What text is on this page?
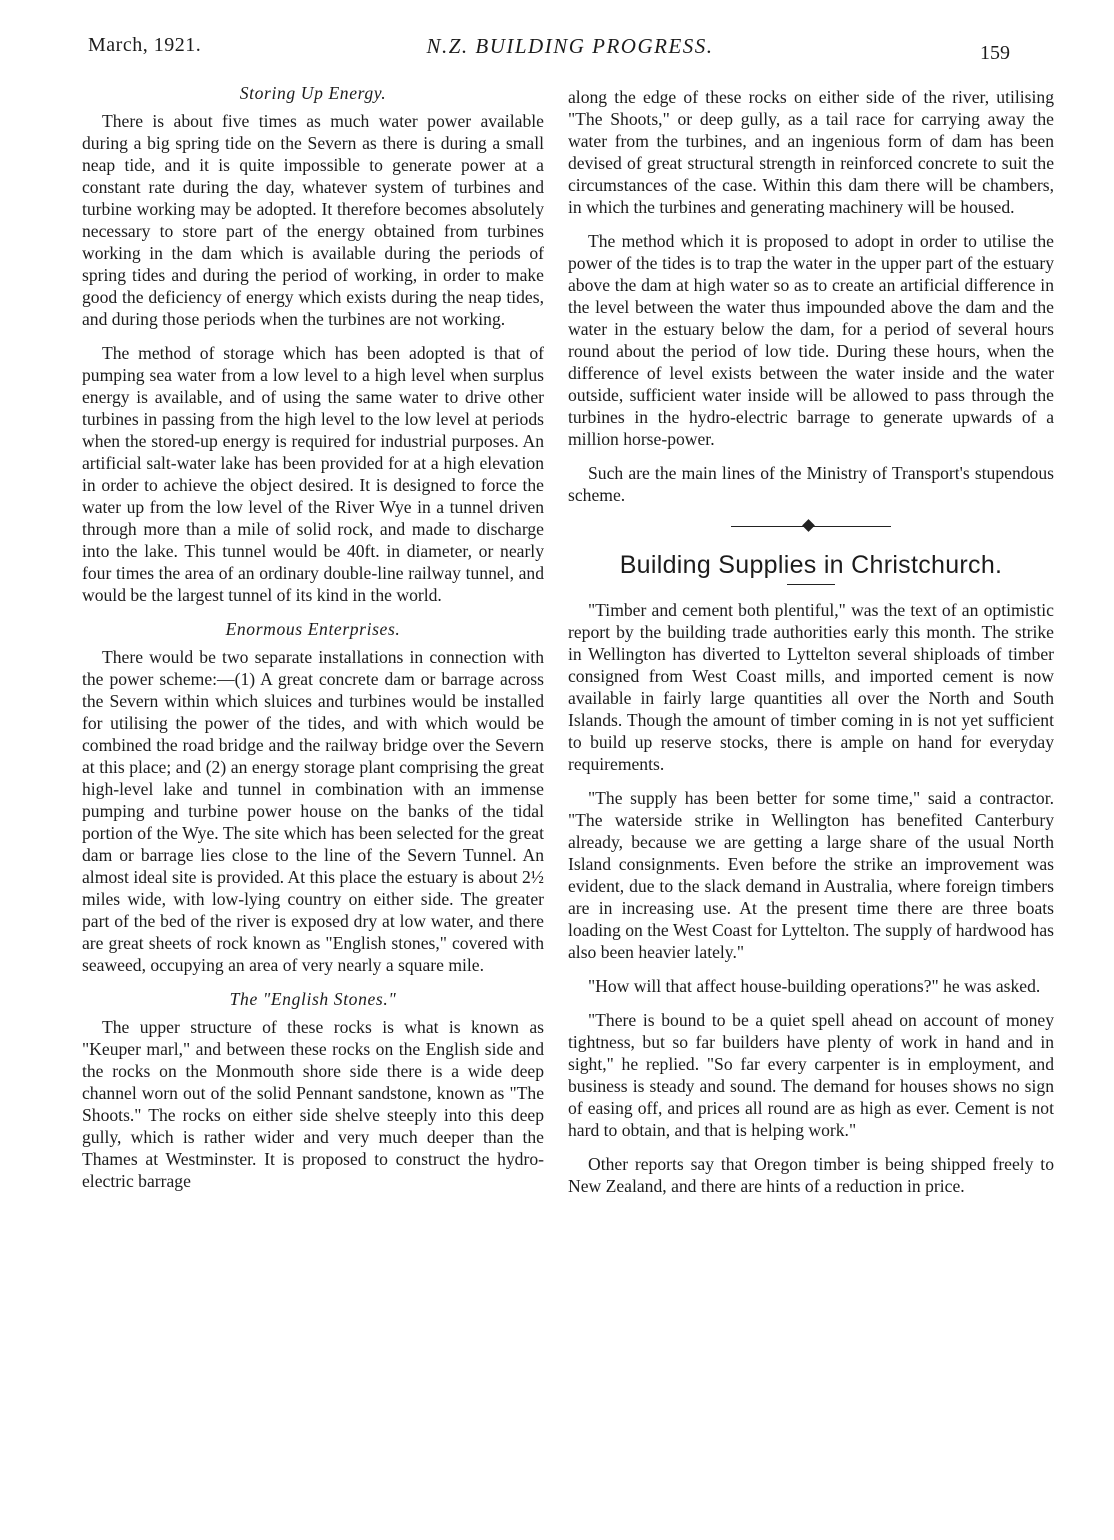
March, 1921.	N.Z. BUILDING PROGRESS.	159
Storing Up Energy.

There is about five times as much water power available during a big spring tide on the Severn as there is during a small neap tide, and it is quite impossible to generate power at a constant rate during the day, whatever system of turbines and turbine working may be adopted. It therefore becomes absolutely necessary to store part of the energy obtained from turbines working in the dam which is available during the periods of spring tides and during the period of working, in order to make good the deficiency of energy which exists during the neap tides, and during those periods when the turbines are not working.

The method of storage which has been adopted is that of pumping sea water from a low level to a high level when surplus energy is available, and of using the same water to drive other turbines in passing from the high level to the low level at periods when the stored-up energy is required for industrial purposes. An artificial salt-water lake has been provided for at a high elevation in order to achieve the object desired. It is designed to force the water up from the low level of the River Wye in a tunnel driven through more than a mile of solid rock, and made to discharge into the lake. This tunnel would be 40ft. in diameter, or nearly four times the area of an ordinary double-line railway tunnel, and would be the largest tunnel of its kind in the world.

Enormous Enterprises.

There would be two separate installations in connection with the power scheme:—(1) A great concrete dam or barrage across the Severn within which sluices and turbines would be installed for utilising the power of the tides, and with which would be combined the road bridge and the railway bridge over the Severn at this place; and (2) an energy storage plant comprising the great high-level lake and tunnel in combination with an immense pumping and turbine power house on the banks of the tidal portion of the Wye. The site which has been selected for the great dam or barrage lies close to the line of the Severn Tunnel. An almost ideal site is provided. At this place the estuary is about 2½ miles wide, with low-lying country on either side. The greater part of the bed of the river is exposed dry at low water, and there are great sheets of rock known as "English stones," covered with seaweed, occupying an area of very nearly a square mile.

The "English Stones."

The upper structure of these rocks is what is known as "Keuper marl," and between these rocks on the English side and the rocks on the Monmouth shore side there is a wide deep channel worn out of the solid Pennant sandstone, known as "The Shoots." The rocks on either side shelve steeply into this deep gully, which is rather wider and very much deeper than the Thames at Westminster. It is proposed to construct the hydro-electric barrage

along the edge of these rocks on either side of the river, utilising "The Shoots," or deep gully, as a tail race for carrying away the water from the turbines, and an ingenious form of dam has been devised of great structural strength in reinforced concrete to suit the circumstances of the case. Within this dam there will be chambers, in which the turbines and generating machinery will be housed.

The method which it is proposed to adopt in order to utilise the power of the tides is to trap the water in the upper part of the estuary above the dam at high water so as to create an artificial difference in the level between the water thus impounded above the dam and the water in the estuary below the dam, for a period of several hours round about the period of low tide. During these hours, when the difference of level exists between the water inside and the water outside, sufficient water inside will be allowed to pass through the turbines in the hydro-electric barrage to generate upwards of a million horse-power.

Such are the main lines of the Ministry of Transport's stupendous scheme.

Building Supplies in Christchurch.

"Timber and cement both plentiful," was the text of an optimistic report by the building trade authorities early this month. The strike in Wellington has diverted to Lyttelton several shiploads of timber consigned from West Coast mills, and imported cement is now available in fairly large quantities all over the North and South Islands. Though the amount of timber coming in is not yet sufficient to build up reserve stocks, there is ample on hand for everyday requirements.

"The supply has been better for some time," said a contractor. "The waterside strike in Wellington has benefited Canterbury already, because we are getting a large share of the usual North Island consignments. Even before the strike an improvement was evident, due to the slack demand in Australia, where foreign timbers are in increasing use. At the present time there are three boats loading on the West Coast for Lyttelton. The supply of hardwood has also been heavier lately."

"How will that affect house-building operations?" he was asked.

"There is bound to be a quiet spell ahead on account of money tightness, but so far builders have plenty of work in hand and in sight," he replied. "So far every carpenter is in employment, and business is steady and sound. The demand for houses shows no sign of easing off, and prices all round are as high as ever. Cement is not hard to obtain, and that is helping work."

Other reports say that Oregon timber is being shipped freely to New Zealand, and there are hints of a reduction in price.
